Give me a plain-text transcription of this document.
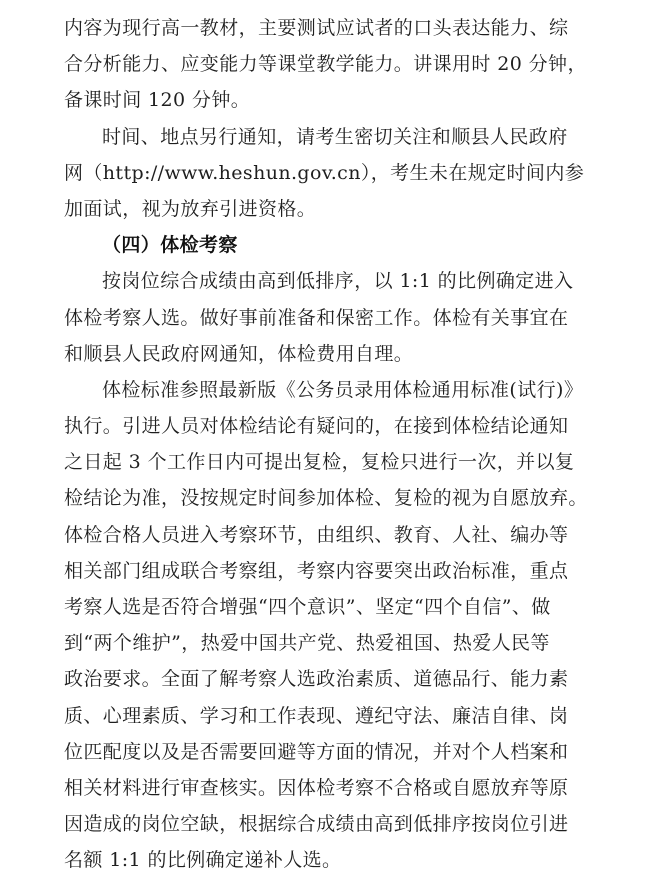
内容为现行高一教材，主要测试应试者的口头表达能力、综
合分析能力、应变能力等课堂教学能力。讲课用时 20 分钟，
备课时间 120 分钟。
时间、地点另行通知，请考生密切关注和顺县人民政府
网（http://www.heshun.gov.cn），考生未在规定时间内参
加面试，视为放弃引进资格。
（四）体检考察
按岗位综合成绩由高到低排序，以 1:1 的比例确定进入
体检考察人选。做好事前准备和保密工作。体检有关事宜在
和顺县人民政府网通知，体检费用自理。
体检标准参照最新版《公务员录用体检通用标准(试行)》
执行。引进人员对体检结论有疑问的，在接到体检结论通知
之日起 3 个工作日内可提出复检，复检只进行一次，并以复
检结论为准，没按规定时间参加体检、复检的视为自愿放弃。
体检合格人员进入考察环节，由组织、教育、人社、编办等
相关部门组成联合考察组，考察内容要突出政治标准，重点
考察人选是否符合增强“四个意识”、坚定“四个自信”、做
到“两个维护”，热爱中国共产党、热爱祖国、热爱人民等
政治要求。全面了解考察人选政治素质、道德品行、能力素
质、心理素质、学习和工作表现、遵纪守法、廉洁自律、岗
位匹配度以及是否需要回避等方面的情况，并对个人档案和
相关材料进行审查核实。因体检考察不合格或自愿放弃等原
因造成的岗位空缺，根据综合成绩由高到低排序按岗位引进
名额 1:1 的比例确定递补人选。
